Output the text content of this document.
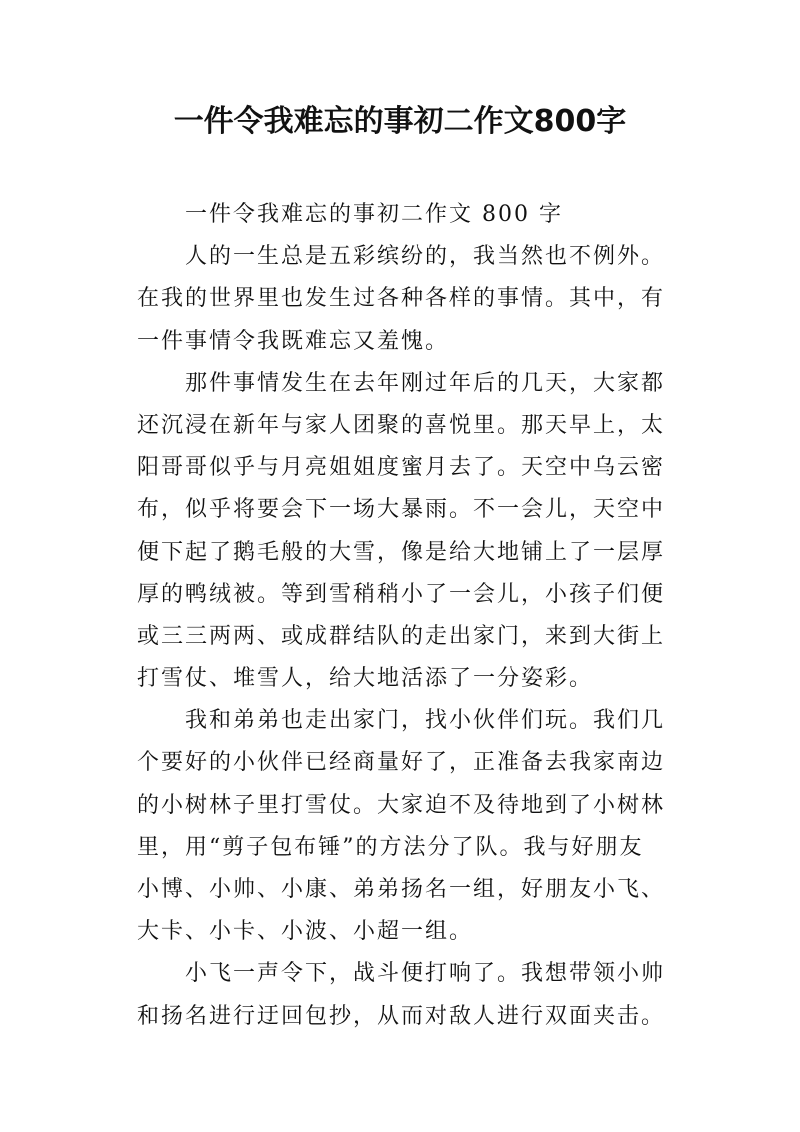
一件令我难忘的事初二作文800字
一件令我难忘的事初二作文 800 字
人的一生总是五彩缤纷的，我当然也不例外。
在我的世界里也发生过各种各样的事情。其中，有
一件事情令我既难忘又羞愧。
那件事情发生在去年刚过年后的几天，大家都
还沉浸在新年与家人团聚的喜悦里。那天早上，太
阳哥哥似乎与月亮姐姐度蜜月去了。天空中乌云密
布，似乎将要会下一场大暴雨。不一会儿，天空中
便下起了鹅毛般的大雪，像是给大地铺上了一层厚
厚的鸭绒被。等到雪稍稍小了一会儿，小孩子们便
或三三两两、或成群结队的走出家门，来到大街上
打雪仗、堆雪人，给大地活添了一分姿彩。
我和弟弟也走出家门，找小伙伴们玩。我们几
个要好的小伙伴已经商量好了，正准备去我家南边
的小树林子里打雪仗。大家迫不及待地到了小树林
里，用“剪子包布锤”的方法分了队。我与好朋友
小博、小帅、小康、弟弟扬名一组，好朋友小飞、
大卡、小卡、小波、小超一组。
小飞一声令下，战斗便打响了。我想带领小帅
和扬名进行迂回包抄，从而对敌人进行双面夹击。
